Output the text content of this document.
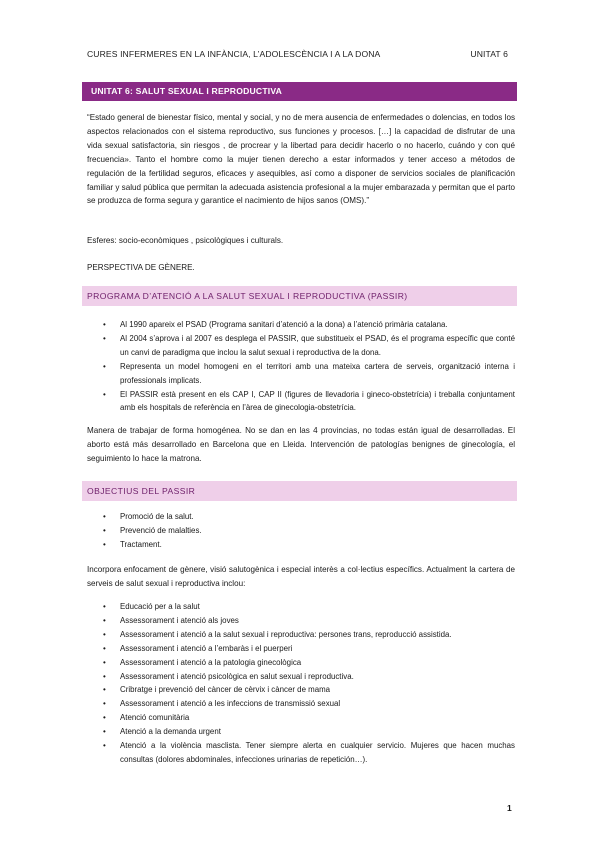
CURES INFERMERES EN LA INFÀNCIA, L’ADOLESCÈNCIA I A LA DONA	UNITAT 6
UNITAT 6: SALUT SEXUAL I REPRODUCTIVA

“Estado general de bienestar físico, mental y social, y no de mera ausencia de enfermedades o dolencias, en todos los aspectos relacionados con el sistema reproductivo, sus funciones y procesos. […] la capacidad de disfrutar de una vida sexual satisfactoria, sin riesgos , de procrear y la libertad para decidir hacerlo o no hacerlo, cuándo y con qué frecuencia». Tanto el hombre como la mujer tienen derecho a estar informados y tener acceso a métodos de regulación de la fertilidad seguros, eficaces y asequibles, así como a disponer de servicios sociales de planificación familiar y salud pública que permitan la adecuada asistencia profesional a la mujer embarazada y permitan que el parto se produzca de forma segura y garantice el nacimiento de hijos sanos (OMS).”

Esferes: socio-econòmiques , psicològiques i culturals.

PERSPECTIVA DE GÈNERE.

PROGRAMA D’ATENCIÓ A LA SALUT SEXUAL I REPRODUCTIVA (PASSIR)
• Al 1990 apareix el PSAD (Programa sanitari d’atenció a la dona) a l’atenció primària catalana.
• Al 2004 s’aprova i al 2007 es desplega el PASSIR, que substitueix el PSAD, és el programa específic que conté un canvi de paradigma que inclou la salut sexual i reproductiva de la dona.
• Representa un model homogeni en el territori amb una mateixa cartera de serveis, organització interna i professionals implicats.
• El PASSIR està present en els CAP I, CAP II (figures de llevadoria i gineco-obstetrícia) i treballa conjuntament amb els hospitals de referència en l’àrea de ginecologia-obstetrícia.

Manera de trabajar de forma homogénea. No se dan en las 4 provincias, no todas están igual de desarrolladas. El aborto está más desarrollado en Barcelona que en Lleida. Intervención de patologías benignes de ginecología, el seguimiento lo hace la matrona.

OBJECTIUS DEL PASSIR
• Promoció de la salut.
• Prevenció de malalties.
• Tractament.

Incorpora enfocament de gènere, visió salutogènica i especial interès a col·lectius específics. Actualment la cartera de serveis de salut sexual i reproductiva inclou:

• Educació per a la salut
• Assessorament i atenció als joves
• Assessorament i atenció a la salut sexual i reproductiva: persones trans, reproducció assistida.
• Assessorament i atenció a l’embaràs i el puerperi
• Assessorament i atenció a la patologia ginecològica
• Assessorament i atenció psicològica en salut sexual i reproductiva.
• Cribratge i prevenció del càncer de cèrvix i càncer de mama
• Assessorament i atenció a les infeccions de transmissió sexual
• Atenció comunitària
• Atenció a la demanda urgent
• Atenció a la violència masclista. Tener siempre alerta en cualquier servicio. Mujeres que hacen muchas consultas (dolores abdominales, infecciones urinarias de repetición…).
1
